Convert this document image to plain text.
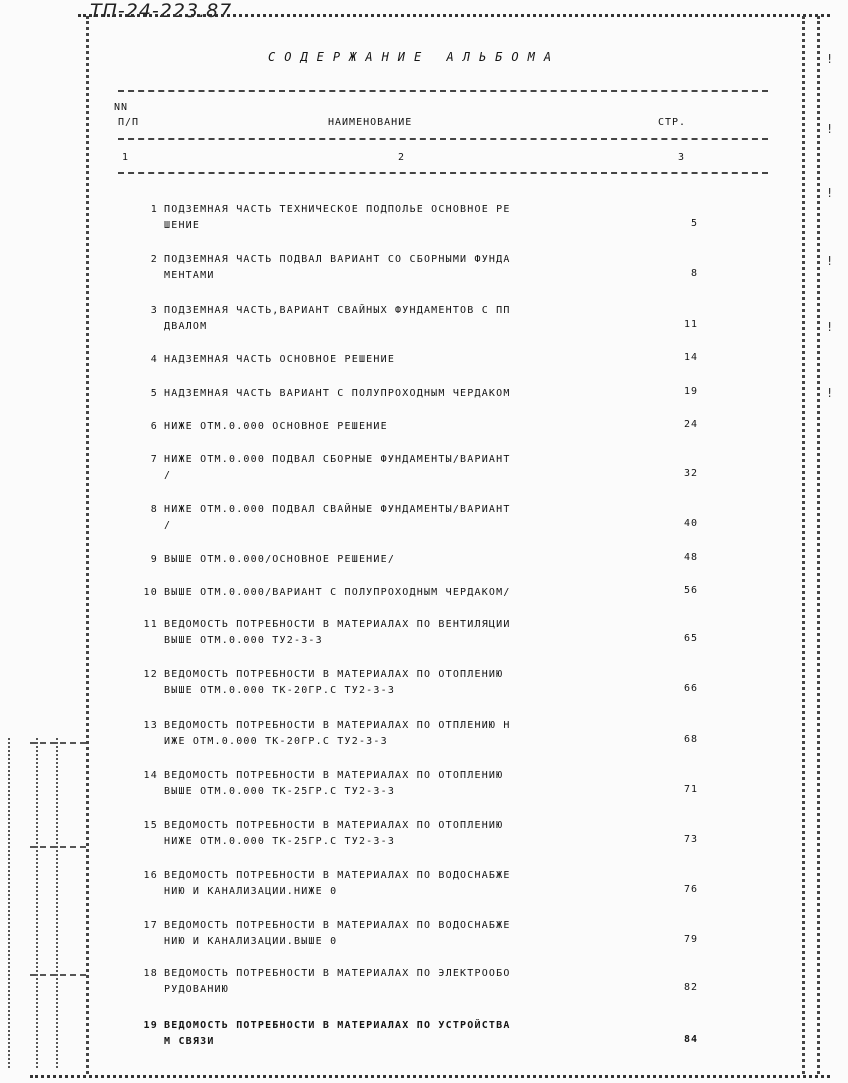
ТП-24-223.87
!
!
!
!
!
!
СОДЕРЖАНИЕ АЛЬБОМА
NN
П/П	НАИМЕНОВАНИЕ	СТР.
1	2	3
1 ПОДЗЕМНАЯ ЧАСТЬ ТЕХНИЧЕСКОЕ ПОДПОЛЬЕ ОСНОВНОЕ РЕ
ШЕНИЕ	5
2 ПОДЗЕМНАЯ ЧАСТЬ ПОДВАЛ ВАРИАНТ СО СБОРНЫМИ ФУНДА
МЕНТАМИ	8
3 ПОДЗЕМНАЯ ЧАСТЬ,ВАРИАНТ СВАЙНЫХ ФУНДАМЕНТОВ С ПП
ДВАЛОМ	11
4 НАДЗЕМНАЯ ЧАСТЬ ОСНОВНОЕ РЕШЕНИЕ	14
5 НАДЗЕМНАЯ ЧАСТЬ ВАРИАНТ С ПОЛУПРОХОДНЫМ ЧЕРДАКОМ	19
6 НИЖЕ ОТМ.0.000 ОСНОВНОЕ РЕШЕНИЕ	24
7 НИЖЕ ОТМ.0.000 ПОДВАЛ СБОРНЫЕ ФУНДАМЕНТЫ/ВАРИАНТ
/	32
8 НИЖЕ ОТМ.0.000 ПОДВАЛ СВАЙНЫЕ ФУНДАМЕНТЫ/ВАРИАНТ
/	40
9 ВЫШЕ ОТМ.0.000/ОСНОВНОЕ РЕШЕНИЕ/	48
10 ВЫШЕ ОТМ.0.000/ВАРИАНТ С ПОЛУПРОХОДНЫМ ЧЕРДАКОМ/	56
11 ВЕДОМОСТЬ ПОТРЕБНОСТИ В МАТЕРИАЛАХ ПО ВЕНТИЛЯЦИИ
ВЫШЕ ОТМ.0.000 ТУ2-3-3	65
12 ВЕДОМОСТЬ ПОТРЕБНОСТИ В МАТЕРИАЛАХ ПО ОТОПЛЕНИЮ
ВЫШЕ ОТМ.0.000 ТК-20ГР.С ТУ2-3-3	66
13 ВЕДОМОСТЬ ПОТРЕБНОСТИ В МАТЕРИАЛАХ ПО ОТПЛЕНИЮ Н
ИЖЕ ОТМ.0.000 ТК-20ГР.С ТУ2-3-3	68
14 ВЕДОМОСТЬ ПОТРЕБНОСТИ В МАТЕРИАЛАХ ПО ОТОПЛЕНИЮ
ВЫШЕ ОТМ.0.000 ТК-25ГР.С ТУ2-3-3	71
15 ВЕДОМОСТЬ ПОТРЕБНОСТИ В МАТЕРИАЛАХ ПО ОТОПЛЕНИЮ
НИЖЕ ОТМ.0.000 ТК-25ГР.С ТУ2-3-3	73
16 ВЕДОМОСТЬ ПОТРЕБНОСТИ В МАТЕРИАЛАХ ПО ВОДОСНАБЖЕ
НИЮ И КАНАЛИЗАЦИИ.НИЖЕ 0	76
17 ВЕДОМОСТЬ ПОТРЕБНОСТИ В МАТЕРИАЛАХ ПО ВОДОСНАБЖЕ
НИЮ И КАНАЛИЗАЦИИ.ВЫШЕ 0	79
18 ВЕДОМОСТЬ ПОТРЕБНОСТИ В МАТЕРИАЛАХ ПО ЭЛЕКТРООБО
РУДОВАНИЮ	82
19 ВЕДОМОСТЬ ПОТРЕБНОСТИ В МАТЕРИАЛАХ ПО УСТРОЙСТВА
М СВЯЗИ	84
